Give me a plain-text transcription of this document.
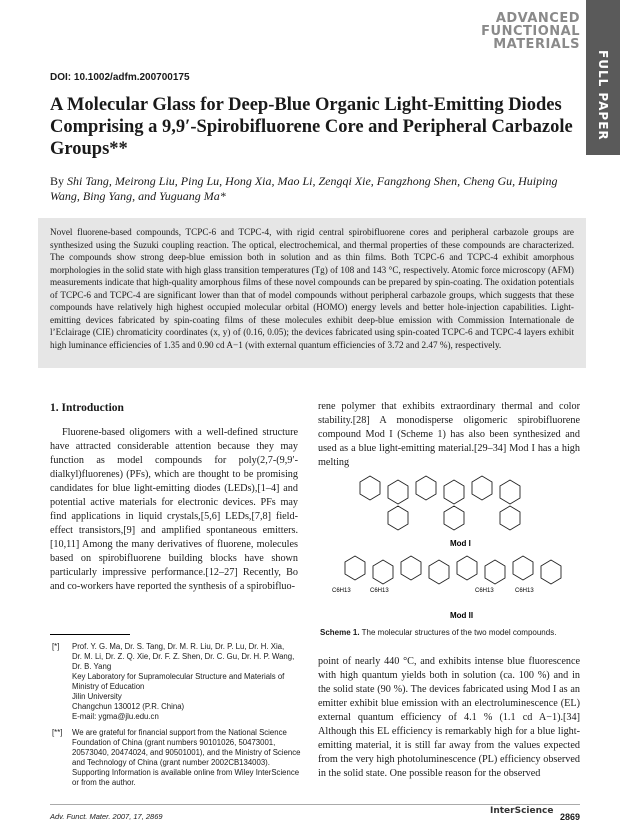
ADVANCED
FUNCTIONAL
MATERIALS
FULL PAPER
DOI: 10.1002/adfm.200700175
A Molecular Glass for Deep-Blue Organic Light-Emitting Diodes Comprising a 9,9′-Spirobifluorene Core and Peripheral Carbazole Groups**
By Shi Tang, Meirong Liu, Ping Lu, Hong Xia, Mao Li, Zengqi Xie, Fangzhong Shen, Cheng Gu, Huiping Wang, Bing Yang, and Yuguang Ma*

Novel fluorene-based compounds, TCPC-6 and TCPC-4, with rigid central spirobifluorene cores and peripheral carbazole groups are synthesized using the Suzuki coupling reaction. The optical, electrochemical, and thermal properties of these compounds are characterized. The compounds show strong deep-blue emission both in solution and as thin films. Both TCPC-6 and TCPC-4 exhibit amorphous morphologies in the solid state with high glass transition temperatures (Tg) of 108 and 143 °C, respectively. Atomic force microscopy (AFM) measurements indicate that high-quality amorphous films of these novel compounds can be prepared by spin-coating. The oxidation potentials of TCPC-6 and TCPC-4 are significant lower than that of model compounds without peripheral carbazole groups, which suggests that these compounds have relatively high highest occupied molecular orbital (HOMO) energy levels and better hole-injection capabilities. Light-emitting devices fabricated by spin-coating films of these molecules exhibit deep-blue emission with Commission Internationale de l’Eclairage (CIE) chromaticity coordinates (x, y) of (0.16, 0.05); the devices fabricated using spin-coated TCPC-6 and TCPC-4 layers exhibit high luminance efficiencies of 1.35 and 0.90 cd A−1 (with external quantum efficiencies of 3.72 and 2.47 %), respectively.

1. Introduction

Fluorene-based oligomers with a well-defined structure have attracted considerable attention because they may function as model compounds for poly(2,7-(9,9′-dialkyl)fluorenes) (PFs), which are thought to be promising candidates for blue light-emitting diodes (LEDs),[1–4] and potential active materials for electronic devices. PFs may find applications in liquid crystals,[5,6] LEDs,[7,8] field-effect transistors,[9] and amplified spontaneous emitters.[10,11] Among the many derivatives of fluorene, molecules based on spirobifluorene building blocks have shown particularly impressive performance.[12–27] Recently, Bo and co-workers have reported the synthesis of a spirobifluo-

rene polymer that exhibits extraordinary thermal and color stability.[28] A monodisperse oligomeric spirobifluorene compound Mod I (Scheme 1) has also been synthesized and used as a blue light-emitting material.[29–34] Mod I has a high melting

Mod I
C6H13	C6H13	C6H13	C6H13
Mod II
Scheme 1. The molecular structures of the two model compounds.

point of nearly 440 °C, and exhibits intense blue fluorescence with high quantum yields both in solution (ca. 100 %) and in the solid state (90 %). The devices fabricated using Mod I as an emitter exhibit blue emission with an electroluminescence (EL) external quantum efficiency of 4.1 % (1.1 cd A−1).[34] Although this EL efficiency is remarkably high for a blue light-emitting material, it is still far away from the values expected from the very high photoluminescence (PL) efficiency observed in the solid state. One possible reason for the observed

[*] Prof. Y. G. Ma, Dr. S. Tang, Dr. M. R. Liu, Dr. P. Lu, Dr. H. Xia,
Dr. M. Li, Dr. Z. Q. Xie, Dr. F. Z. Shen, Dr. C. Gu, Dr. H. P. Wang,
Dr. B. Yang
Key Laboratory for Supramolecular Structure and Materials of
Ministry of Education
Jilin University
Changchun 130012 (P.R. China)
E-mail: ygma@jlu.edu.cn
[**] We are grateful for financial support from the National Science Foundation of China (grant numbers 90101026, 50473001, 20573040, 20474024, and 90501001), and the Ministry of Science and Technology of China (grant number 2002CB134003). Supporting Information is available online from Wiley InterScience or from the author.
Adv. Funct. Mater. 2007, 17, 2869
InterScience
2869
